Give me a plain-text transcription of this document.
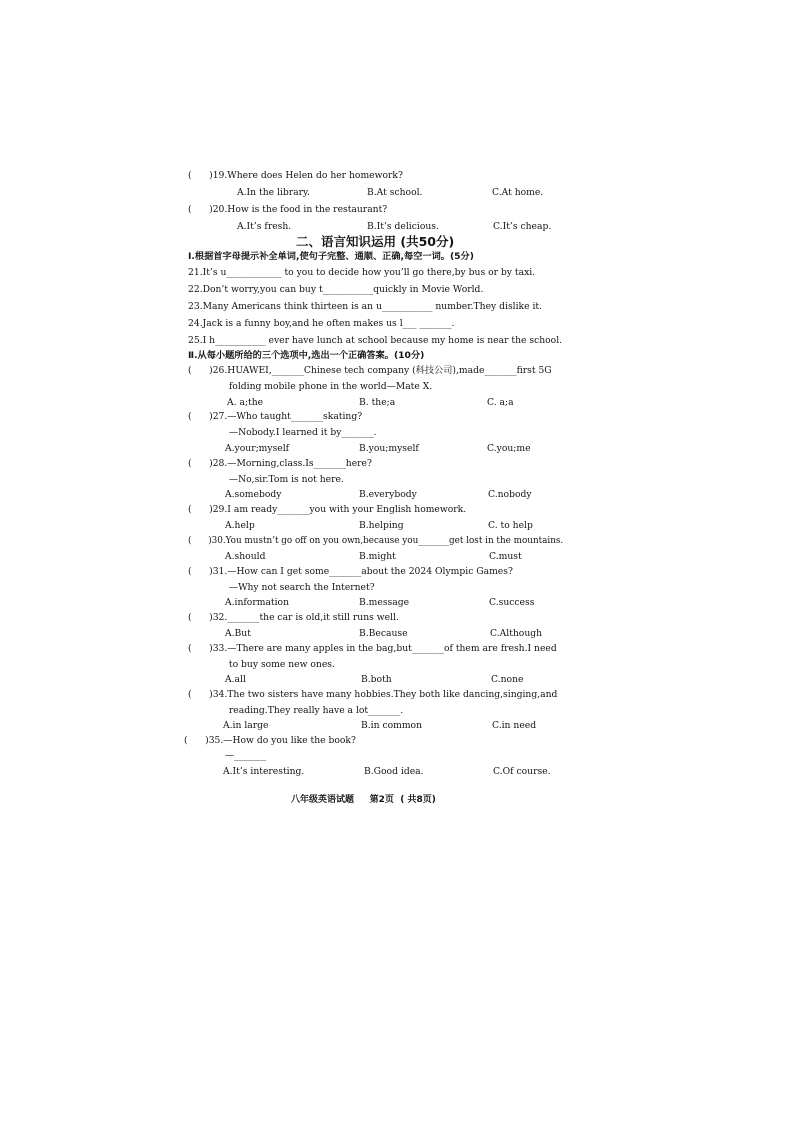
(      )19.Where does Helen do her homework?
A.In the library.	B.At school.	C.At home.
(      )20.How is the food in the restaurant?
A.It’s fresh.	B.It’s delicious.	C.It’s cheap.
二、语言知识运用 (共50分)
Ⅰ.根据首字母提示补全单词,使句子完整、通顺、正确,每空一词。(5分)
21.It’s u____________ to you to decide how you’ll go there,by bus or by taxi.
22.Don’t worry,you can buy t___________quickly in Movie World.
23.Many Americans think thirteen is an u___________ number.They dislike it.
24.Jack is a funny boy,and he often makes us l___ _______.
25.I h___________ ever have lunch at school because my home is near the school.
Ⅱ.从每小题所给的三个选项中,选出一个正确答案。(10分)
(      )26.HUAWEI,_______Chinese tech company (科技公司),made_______first 5G
folding mobile phone in the world—Mate X.
A. a;the	B. the;a	C. a;a
(      )27.—Who taught_______skating?
—Nobody.I learned it by_______.
A.your;myself	B.you;myself	C.you;me
(      )28.—Morning,class.Is_______here?
—No,sir.Tom is not here.
A.somebody	B.everybody	C.nobody
(      )29.I am ready_______you with your English homework.
A.help	B.helping	C. to help
(      )30.You mustn’t go off on you own,because you_______get lost in the mountains.
A.should	B.might	C.must
(      )31.—How can I get some_______about the 2024 Olympic Games?
—Why not search the Internet?
A.information	B.message	C.success
(      )32._______the car is old,it still runs well.
A.But	B.Because	C.Although
(      )33.—There are many apples in the bag,but_______of them are fresh.I need
to buy some new ones.
A.all	B.both	C.none
(      )34.The two sisters have many hobbies.They both like dancing,singing,and
reading.They really have a lot_______.
A.in large	B.in common	C.in need
(      )35.—How do you like the book?
—_______
A.It’s interesting.	B.Good idea.	C.Of course.
八年级英语试题     第2页  ( 共8页)
